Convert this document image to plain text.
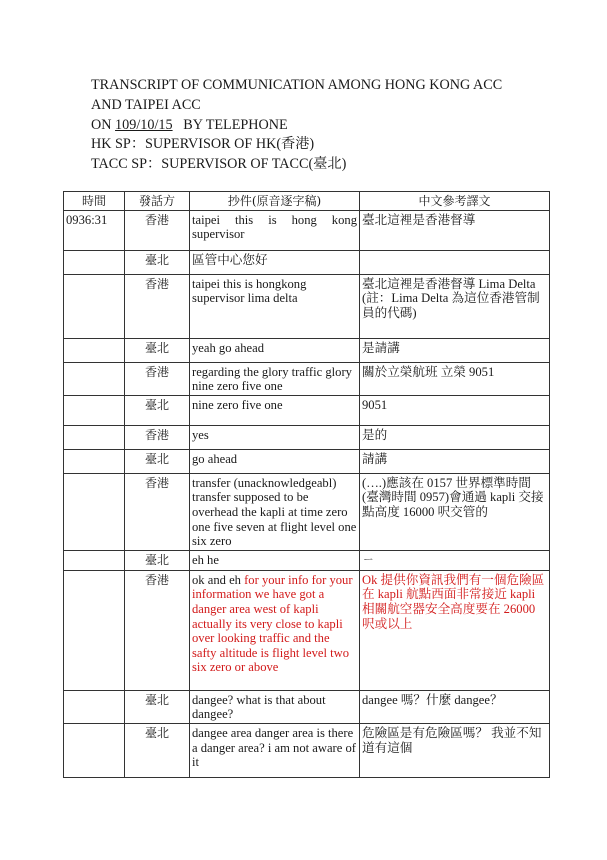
TRANSCRIPT OF COMMUNICATION AMONG HONG KONG ACC
AND TAIPEI ACC
ON 109/10/15   BY TELEPHONE
HK SP：SUPERVISOR OF HK(香港)
TACC SP：SUPERVISOR OF TACC(臺北)
時間	發話方	抄件(原音逐字稿)	中文參考譯文
0936:31	香港	taipei this is hong kong supervisor	臺北這裡是香港督導
	臺北	區管中心您好	
	香港	taipei this is hongkong supervisor lima delta	臺北這裡是香港督導 Lima Delta
(註：Lima Delta 為這位香港管制員的代碼)
	臺北	yeah go ahead	是請講
	香港	regarding the glory traffic glory nine zero five one	關於立榮航班 立榮 9051
	臺北	nine zero five one	9051
	香港	yes	是的
	臺北	go ahead	請講
	香港	transfer (unacknowledgeabl) transfer supposed to be overhead the kapli at time zero one five seven at flight level one six zero	(….)應該在 0157 世界標準時間(臺灣時間 0957)會通過 kapli 交接點高度 16000 呎交管的
	臺北	eh he	ㄧ
	香港	ok and eh for your info for your information we have got a danger area west of kapli actually its very close to kapli over looking traffic and the safty altitude is flight level two six zero or above	Ok 提供你資訊我們有一個危險區在 kapli 航點西面非常接近 kapli 相關航空器安全高度要在 26000 呎或以上
	臺北	dangee? what is that about dangee?	dangee 嗎？什麼 dangee？
	臺北	dangee area danger area is there a danger area? i am not aware of it	危險區是有危險區嗎？ 我並不知道有這個
